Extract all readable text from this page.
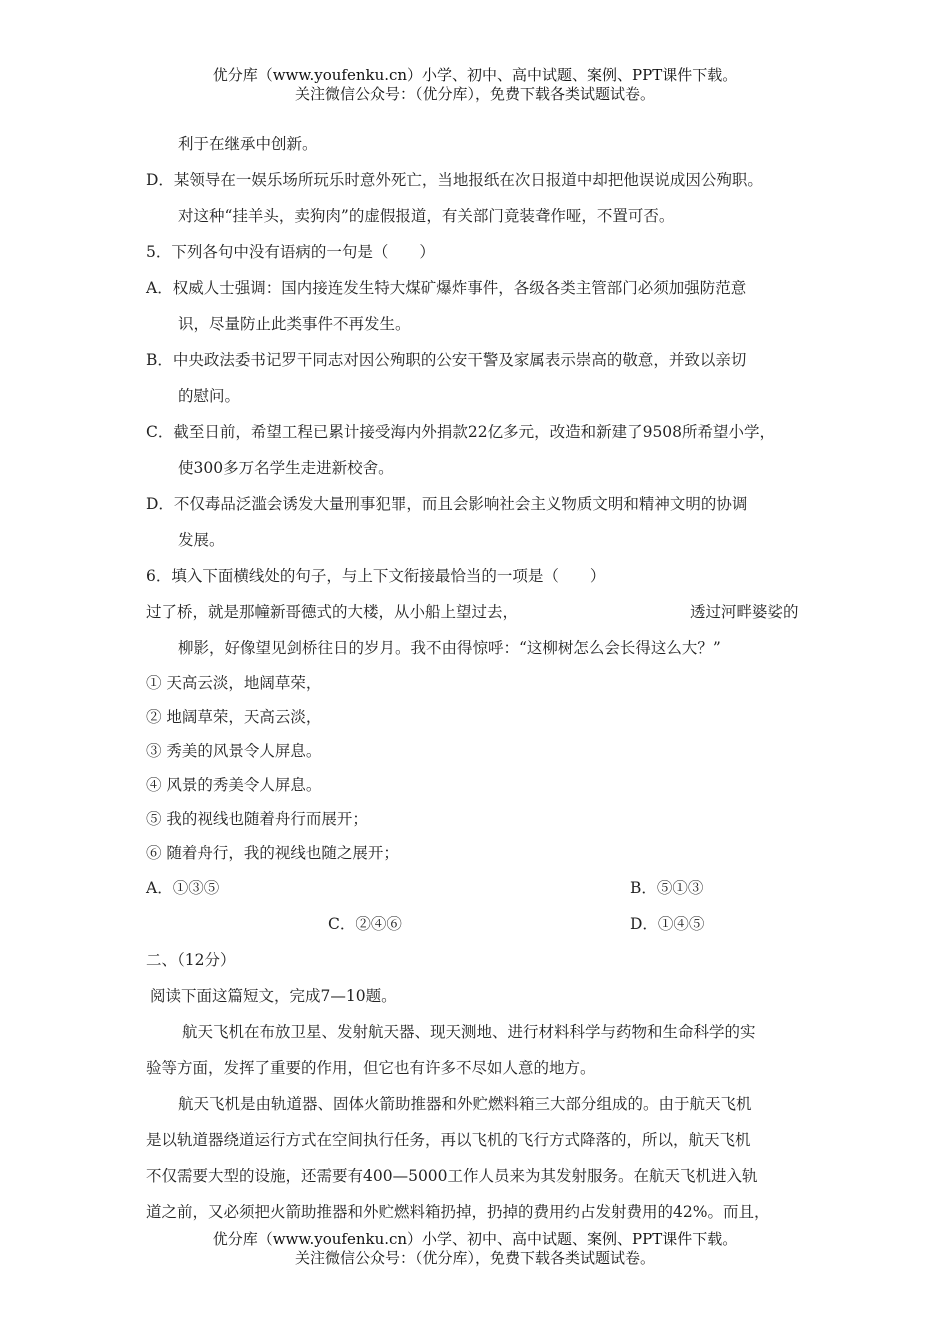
优分库（www.youfenku.cn）小学、初中、高中试题、案例、PPT课件下载。
关注微信公众号：（优分库），免费下载各类试题试卷。

利于在继承中创新。

D．某领导在一娱乐场所玩乐时意外死亡，当地报纸在次日报道中却把他误说成因公殉职。

对这种“挂羊头，卖狗肉”的虚假报道，有关部门竟装聋作哑，不置可否。

5．下列各句中没有语病的一句是（　　）

A．权威人士强调：国内接连发生特大煤矿爆炸事件，各级各类主管部门必须加强防范意

识，尽量防止此类事件不再发生。

B．中央政法委书记罗干同志对因公殉职的公安干警及家属表示崇高的敬意，并致以亲切

的慰问。

C．截至日前，希望工程已累计接受海内外捐款22亿多元，改造和新建了9508所希望小学，

使300多万名学生走进新校舍。

D．不仅毒品泛滥会诱发大量刑事犯罪，而且会影响社会主义物质文明和精神文明的协调

发展。

6．填入下面横线处的句子，与上下文衔接最恰当的一项是（　　）

过了桥，就是那幢新哥德式的大楼，从小船上望过去，	透过河畔婆娑的

柳影，好像望见剑桥往日的岁月。我不由得惊呼：“这柳树怎么会长得这么大？”

① 天高云淡，地阔草荣，

② 地阔草荣，天高云淡，

③ 秀美的风景令人屏息。

④ 风景的秀美令人屏息。

⑤ 我的视线也随着舟行而展开；

⑥ 随着舟行，我的视线也随之展开；

A．①③⑤	B．⑤①③
C．②④⑥	D．①④⑤

二、（12分）

阅读下面这篇短文，完成7—10题。

航天飞机在布放卫星、发射航天器、现天测地、进行材料科学与药物和生命科学的实

验等方面，发挥了重要的作用，但它也有许多不尽如人意的地方。

航天飞机是由轨道器、固体火箭助推器和外贮燃料箱三大部分组成的。由于航天飞机

是以轨道器绕道运行方式在空间执行任务，再以飞机的飞行方式降落的，所以，航天飞机

不仅需要大型的设施，还需要有400—5000工作人员来为其发射服务。在航天飞机进入轨

道之前，又必须把火箭助推器和外贮燃料箱扔掉，扔掉的费用约占发射费用的42%。而且，

优分库（www.youfenku.cn）小学、初中、高中试题、案例、PPT课件下载。
关注微信公众号：（优分库），免费下载各类试题试卷。
